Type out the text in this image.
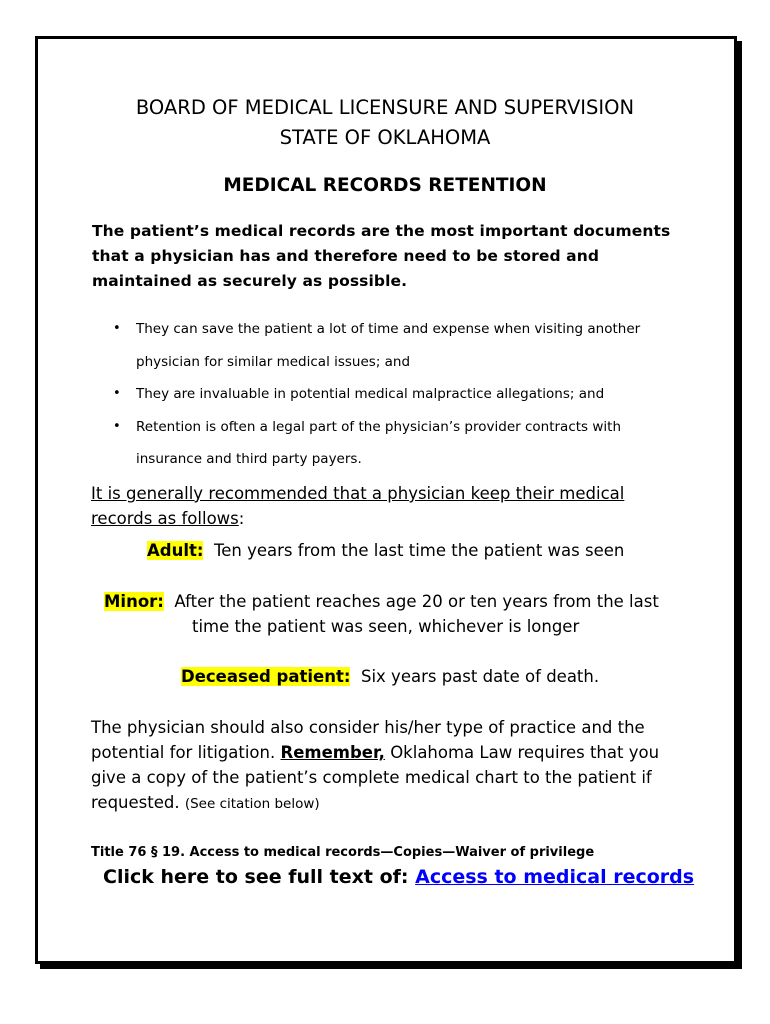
BOARD OF MEDICAL LICENSURE AND SUPERVISION
STATE OF OKLAHOMA
MEDICAL RECORDS RETENTION
The patient’s medical records are the most important documents
that a physician has and therefore need to be stored and
maintained as securely as possible.
• They can save the patient a lot of time and expense when visiting another
physician for similar medical issues; and
• They are invaluable in potential medical malpractice allegations; and
• Retention is often a legal part of the physician’s provider contracts with
insurance and third party payers.
It is generally recommended that a physician keep their medical
records as follows:
Adult: Ten years from the last time the patient was seen
Minor: After the patient reaches age 20 or ten years from the last
time the patient was seen, whichever is longer
Deceased patient: Six years past date of death.
The physician should also consider his/her type of practice and the
potential for litigation. Remember, Oklahoma Law requires that you
give a copy of the patient’s complete medical chart to the patient if
requested. (See citation below)
Title 76 § 19. Access to medical records—Copies—Waiver of privilege
Click here to see full text of: Access to medical records
